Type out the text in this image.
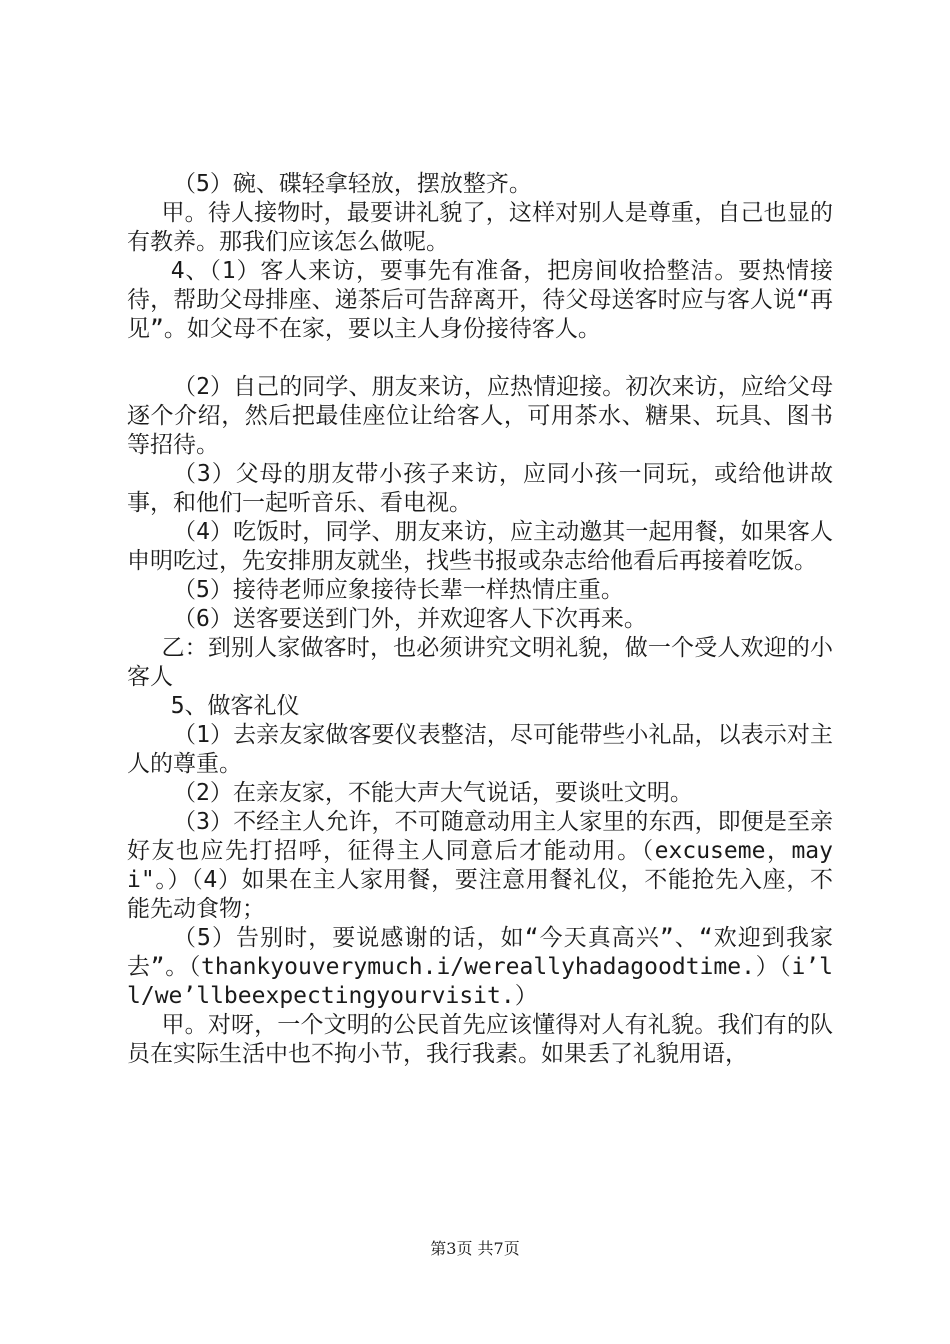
（5）碗、碟轻拿轻放，摆放整齐。

甲。待人接物时，最要讲礼貌了，这样对别人是尊重，自己也显的有教养。那我们应该怎么做呢。

4、（1）客人来访，要事先有准备，把房间收拾整洁。要热情接待，帮助父母排座、递茶后可告辞离开，待父母送客时应与客人说“再见”。如父母不在家，要以主人身份接待客人。

（2）自己的同学、朋友来访，应热情迎接。初次来访，应给父母逐个介绍，然后把最佳座位让给客人，可用茶水、糖果、玩具、图书等招待。

（3）父母的朋友带小孩子来访，应同小孩一同玩，或给他讲故事，和他们一起听音乐、看电视。

（4）吃饭时，同学、朋友来访，应主动邀其一起用餐，如果客人申明吃过，先安排朋友就坐，找些书报或杂志给他看后再接着吃饭。

（5）接待老师应象接待长辈一样热情庄重。

（6）送客要送到门外，并欢迎客人下次再来。

乙：到别人家做客时，也必须讲究文明礼貌，做一个受人欢迎的小客人

5、做客礼仪

（1）去亲友家做客要仪表整洁，尽可能带些小礼品，以表示对主人的尊重。

（2）在亲友家，不能大声大气说话，要谈吐文明。

（3）不经主人允许，不可随意动用主人家里的东西，即便是至亲好友也应先打招呼，征得主人同意后才能动用。（excuseme，mayi"。）（4）如果在主人家用餐，要注意用餐礼仪，不能抢先入座，不能先动食物；

（5）告别时，要说感谢的话，如“今天真高兴”、“欢迎到我家去”。（thankyouverymuch.i/wereallyhadagoodtime.）（i’ll/we’llbeexpectingyourvisit.）

甲。对呀，一个文明的公民首先应该懂得对人有礼貌。我们有的队员在实际生活中也不拘小节，我行我素。如果丢了礼貌用语，

第3页 共7页
